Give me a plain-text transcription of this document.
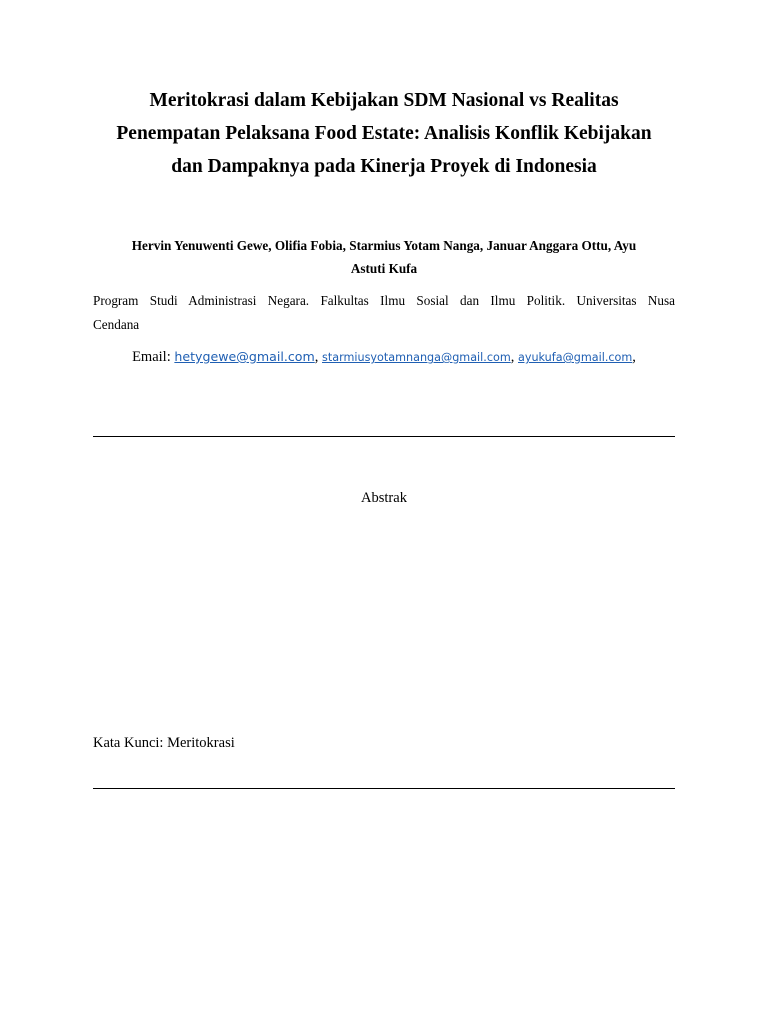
Meritokrasi dalam Kebijakan SDM Nasional vs Realitas
Penempatan Pelaksana Food Estate: Analisis Konflik Kebijakan
dan Dampaknya pada Kinerja Proyek di Indonesia
Hervin Yenuwenti Gewe, Olifia Fobia, Starmius Yotam Nanga, Januar Anggara Ottu, Ayu
Astuti Kufa
Program Studi Administrasi Negara. Falkultas Ilmu Sosial dan Ilmu Politik. Universitas Nusa
Cendana
Email: hetygewe@gmail.com, starmiusyotamnanga@gmail.com, ayukufa@gmail.com,
Abstrak
Kata Kunci: Meritokrasi
